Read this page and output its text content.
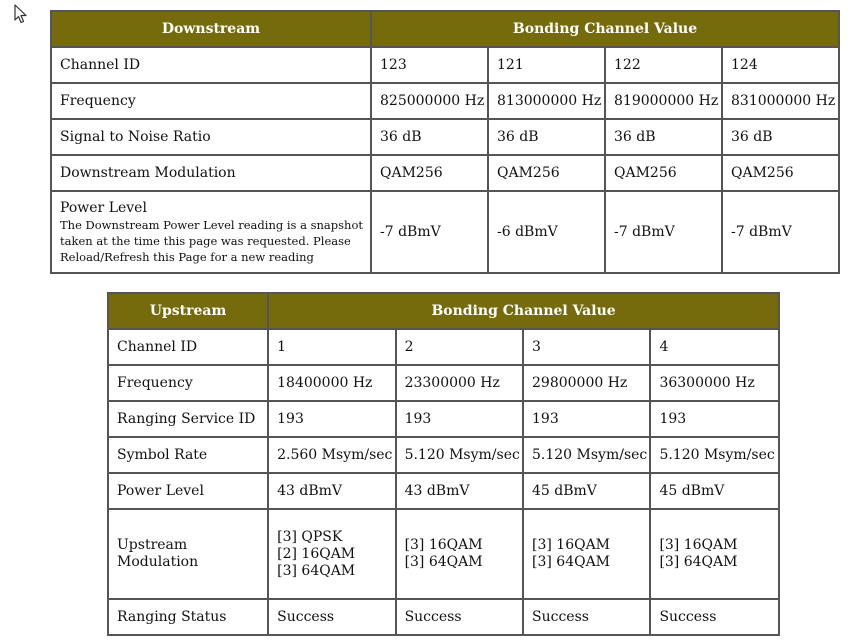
Downstream	Bonding Channel Value			
Channel ID	123	121	122	124
Frequency	825000000 Hz	813000000 Hz	819000000 Hz	831000000 Hz
Signal to Noise Ratio	36 dB	36 dB	36 dB	36 dB
Downstream Modulation	QAM256	QAM256	QAM256	QAM256
Power Level
The Downstream Power Level reading is a snapshot
taken at the time this page was requested. Please
Reload/Refresh this Page for a new reading	-7 dBmV	-6 dBmV	-7 dBmV	-7 dBmV
Upstream	Bonding Channel Value			
Channel ID	1	2	3	4
Frequency	18400000 Hz	23300000 Hz	29800000 Hz	36300000 Hz
Ranging Service ID	193	193	193	193
Symbol Rate	2.560 Msym/sec	5.120 Msym/sec	5.120 Msym/sec	5.120 Msym/sec
Power Level	43 dBmV	43 dBmV	45 dBmV	45 dBmV
Upstream Modulation	[3] QPSK
[2] 16QAM
[3] 64QAM	[3] 16QAM
[3] 64QAM	[3] 16QAM
[3] 64QAM	[3] 16QAM
[3] 64QAM

Ranging Status	Success	Success	Success	Success
